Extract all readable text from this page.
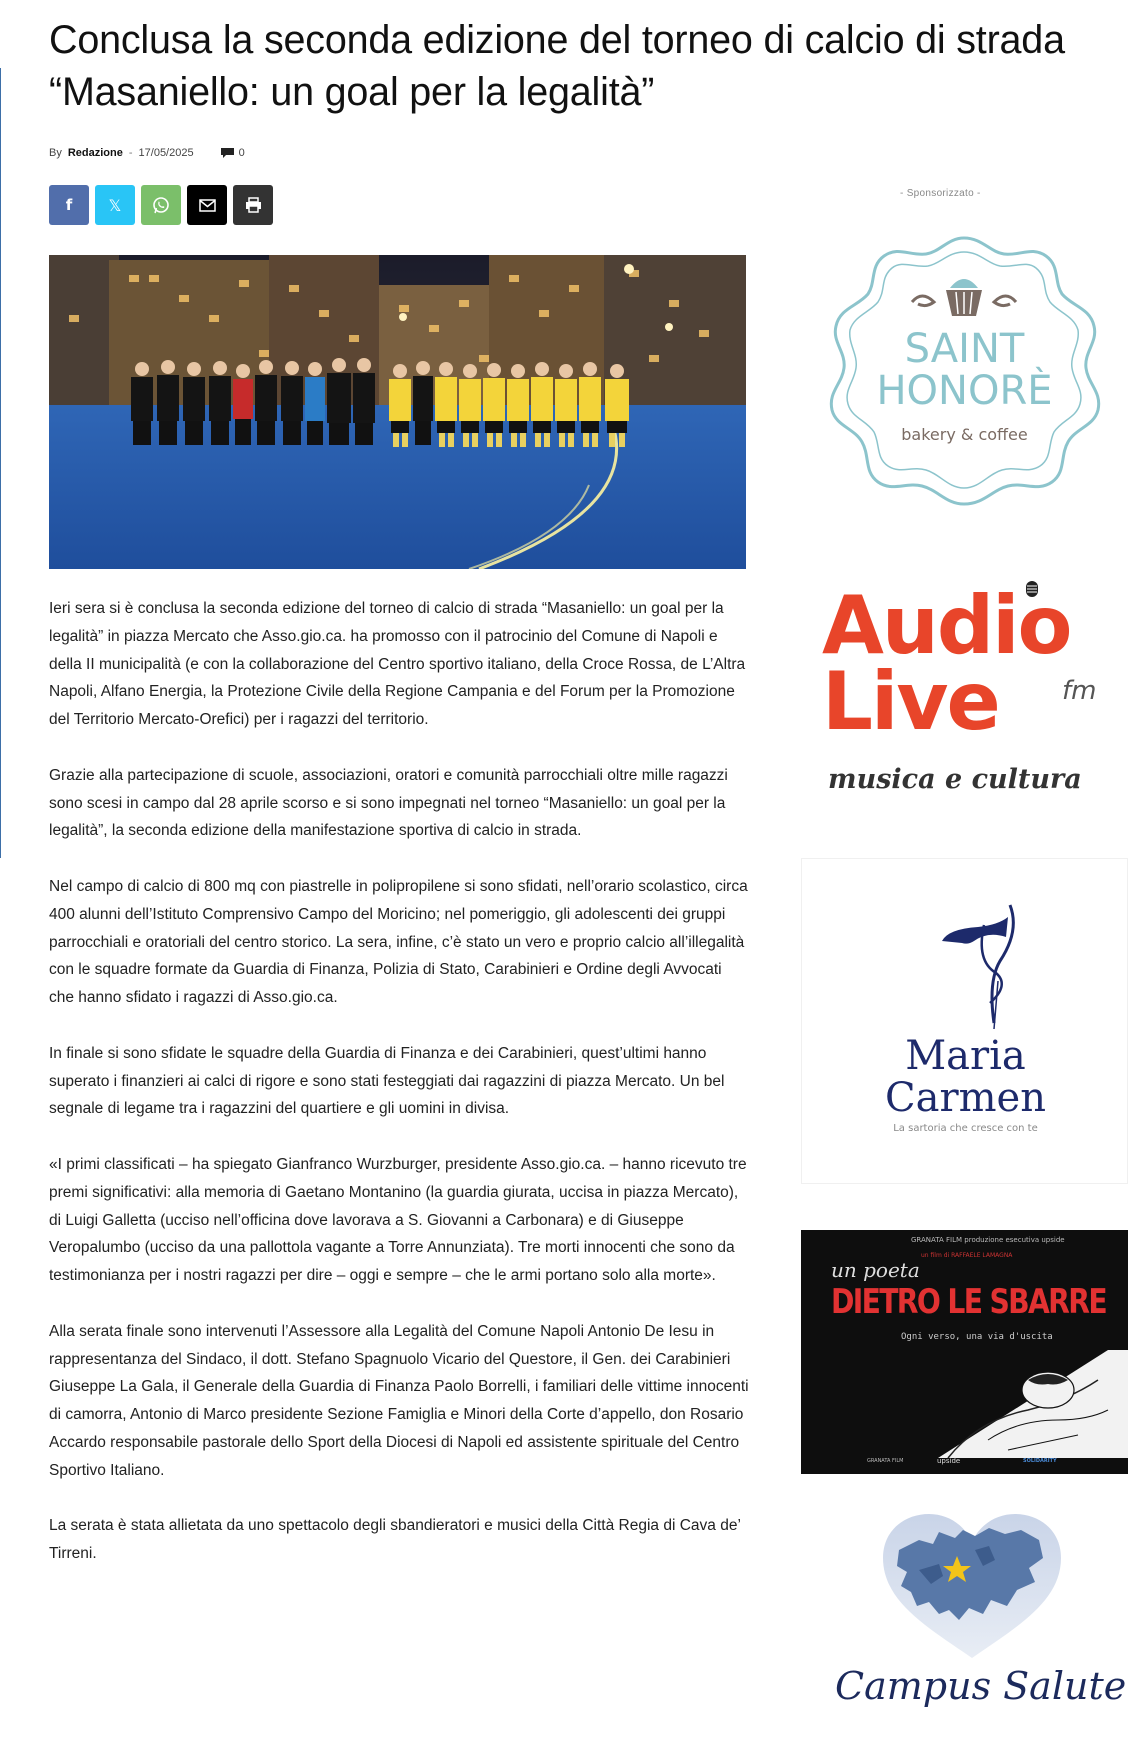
Conclusa la seconda edizione del torneo di calcio di strada “Masaniello: un goal per la legalità”
By Redazione - 17/05/2025	0
f 𝕏

Ieri sera si è conclusa la seconda edizione del torneo di calcio di strada “Masaniello: un goal per la legalità” in piazza Mercato che Asso.gio.ca. ha promosso con il patrocinio del Comune di Napoli e della II municipalità (e con la collaborazione del Centro sportivo italiano, della Croce Rossa, de L’Altra Napoli, Alfano Energia, la Protezione Civile della Regione Campania e del Forum per la Promozione del Territorio Mercato-Orefici) per i ragazzi del territorio.

Grazie alla partecipazione di scuole, associazioni, oratori e comunità parrocchiali oltre mille ragazzi sono scesi in campo dal 28 aprile scorso e si sono impegnati nel torneo “Masaniello: un goal per la legalità”, la seconda edizione della manifestazione sportiva di calcio in strada.

Nel campo di calcio di 800 mq con piastrelle in polipropilene si sono sfidati, nell’orario scolastico, circa 400 alunni dell’Istituto Comprensivo Campo del Moricino; nel pomeriggio, gli adolescenti dei gruppi parrocchiali e oratoriali del centro storico. La sera, infine, c’è stato un vero e proprio calcio all’illegalità con le squadre formate da Guardia di Finanza, Polizia di Stato, Carabinieri e Ordine degli Avvocati che hanno sfidato i ragazzi di Asso.gio.ca.

In finale si sono sfidate le squadre della Guardia di Finanza e dei Carabinieri, quest’ultimi hanno superato i finanzieri ai calci di rigore e sono stati festeggiati dai ragazzini di piazza Mercato. Un bel segnale di legame tra i ragazzini del quartiere e gli uomini in divisa.

«I primi classificati – ha spiegato Gianfranco Wurzburger, presidente Asso.gio.ca. – hanno ricevuto tre premi significativi: alla memoria di Gaetano Montanino (la guardia giurata, uccisa in piazza Mercato), di Luigi Galletta (ucciso nell’officina dove lavorava a S. Giovanni a Carbonara) e di Giuseppe Veropalumbo (ucciso da una pallottola vagante a Torre Annunziata). Tre morti innocenti che sono da testimonianza per i nostri ragazzi per dire – oggi e sempre – che le armi portano solo alla morte».

Alla serata finale sono intervenuti l’Assessore alla Legalità del Comune Napoli Antonio De Iesu in rappresentanza del Sindaco, il dott. Stefano Spagnuolo Vicario del Questore, il Gen. dei Carabinieri Giuseppe La Gala, il Generale della Guardia di Finanza Paolo Borrelli, i familiari delle vittime innocenti di camorra, Antonio di Marco presidente Sezione Famiglia e Minori della Corte d’appello, don Rosario Accardo responsabile pastorale dello Sport della Diocesi di Napoli ed assistente spirituale del Centro Sportivo Italiano.

La serata è stata allietata da uno spettacolo degli sbandieratori e musici della Città Regia di Cava de’ Tirreni.

- Sponsorizzato -
SAINT
HONORÈ
bakery & coffee
Audio
Live fm
musica e cultura
Maria
Carmen
La sartoria che cresce con te
GRANATA FILM produzione esecutiva upside
un film di RAFFAELE LAMAGNA
un poeta
DIETRO LE SBARRE
Ogni verso, una via d'uscita
GRANATA FILM	upside	SOLIDARITY
Campus Salute
